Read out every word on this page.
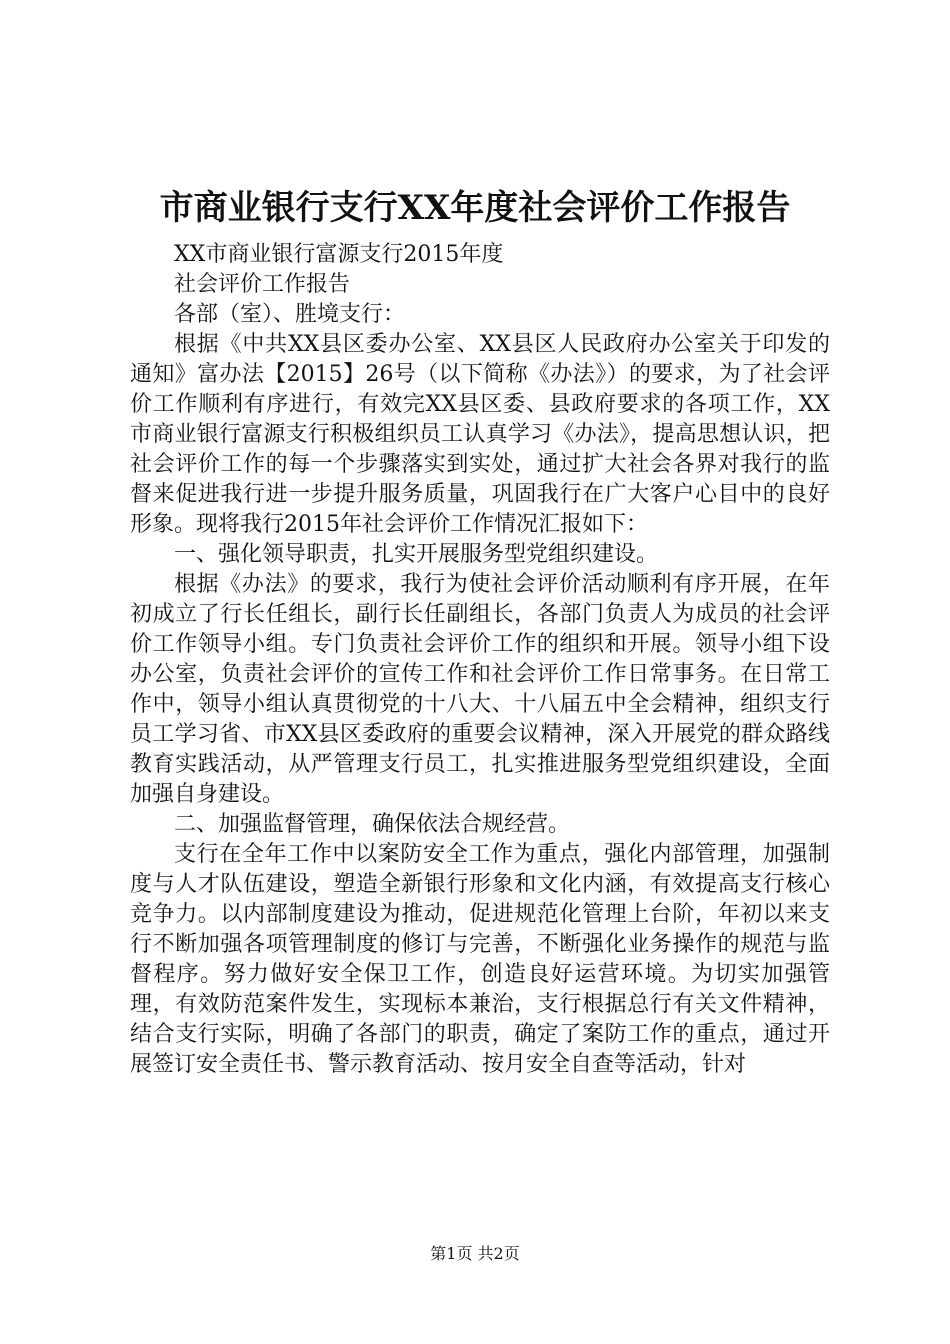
市商业银行支行XX年度社会评价工作报告

XX市商业银行富源支行2015年度

社会评价工作报告

各部（室）、胜境支行：

根据《中共XX县区委办公室、XX县区人民政府办公室关于印发的通知》富办法【2015】26号（以下简称《办法》）的要求，为了社会评价工作顺利有序进行，有效完XX县区委、县政府要求的各项工作，XX市商业银行富源支行积极组织员工认真学习《办法》，提高思想认识，把社会评价工作的每一个步骤落实到实处，通过扩大社会各界对我行的监督来促进我行进一步提升服务质量，巩固我行在广大客户心目中的良好形象。现将我行2015年社会评价工作情况汇报如下：

一、强化领导职责，扎实开展服务型党组织建设。

根据《办法》的要求，我行为使社会评价活动顺利有序开展，在年初成立了行长任组长，副行长任副组长，各部门负责人为成员的社会评价工作领导小组。专门负责社会评价工作的组织和开展。领导小组下设办公室，负责社会评价的宣传工作和社会评价工作日常事务。在日常工作中，领导小组认真贯彻党的十八大、十八届五中全会精神，组织支行员工学习省、市XX县区委政府的重要会议精神，深入开展党的群众路线教育实践活动，从严管理支行员工，扎实推进服务型党组织建设，全面加强自身建设。

二、加强监督管理，确保依法合规经营。

支行在全年工作中以案防安全工作为重点，强化内部管理，加强制度与人才队伍建设，塑造全新银行形象和文化内涵，有效提高支行核心竞争力。以内部制度建设为推动，促进规范化管理上台阶，年初以来支行不断加强各项管理制度的修订与完善，不断强化业务操作的规范与监督程序。努力做好安全保卫工作，创造良好运营环境。为切实加强管理，有效防范案件发生，实现标本兼治，支行根据总行有关文件精神，结合支行实际，明确了各部门的职责，确定了案防工作的重点，通过开展签订安全责任书、警示教育活动、按月安全自查等活动，针对

第1页 共2页
